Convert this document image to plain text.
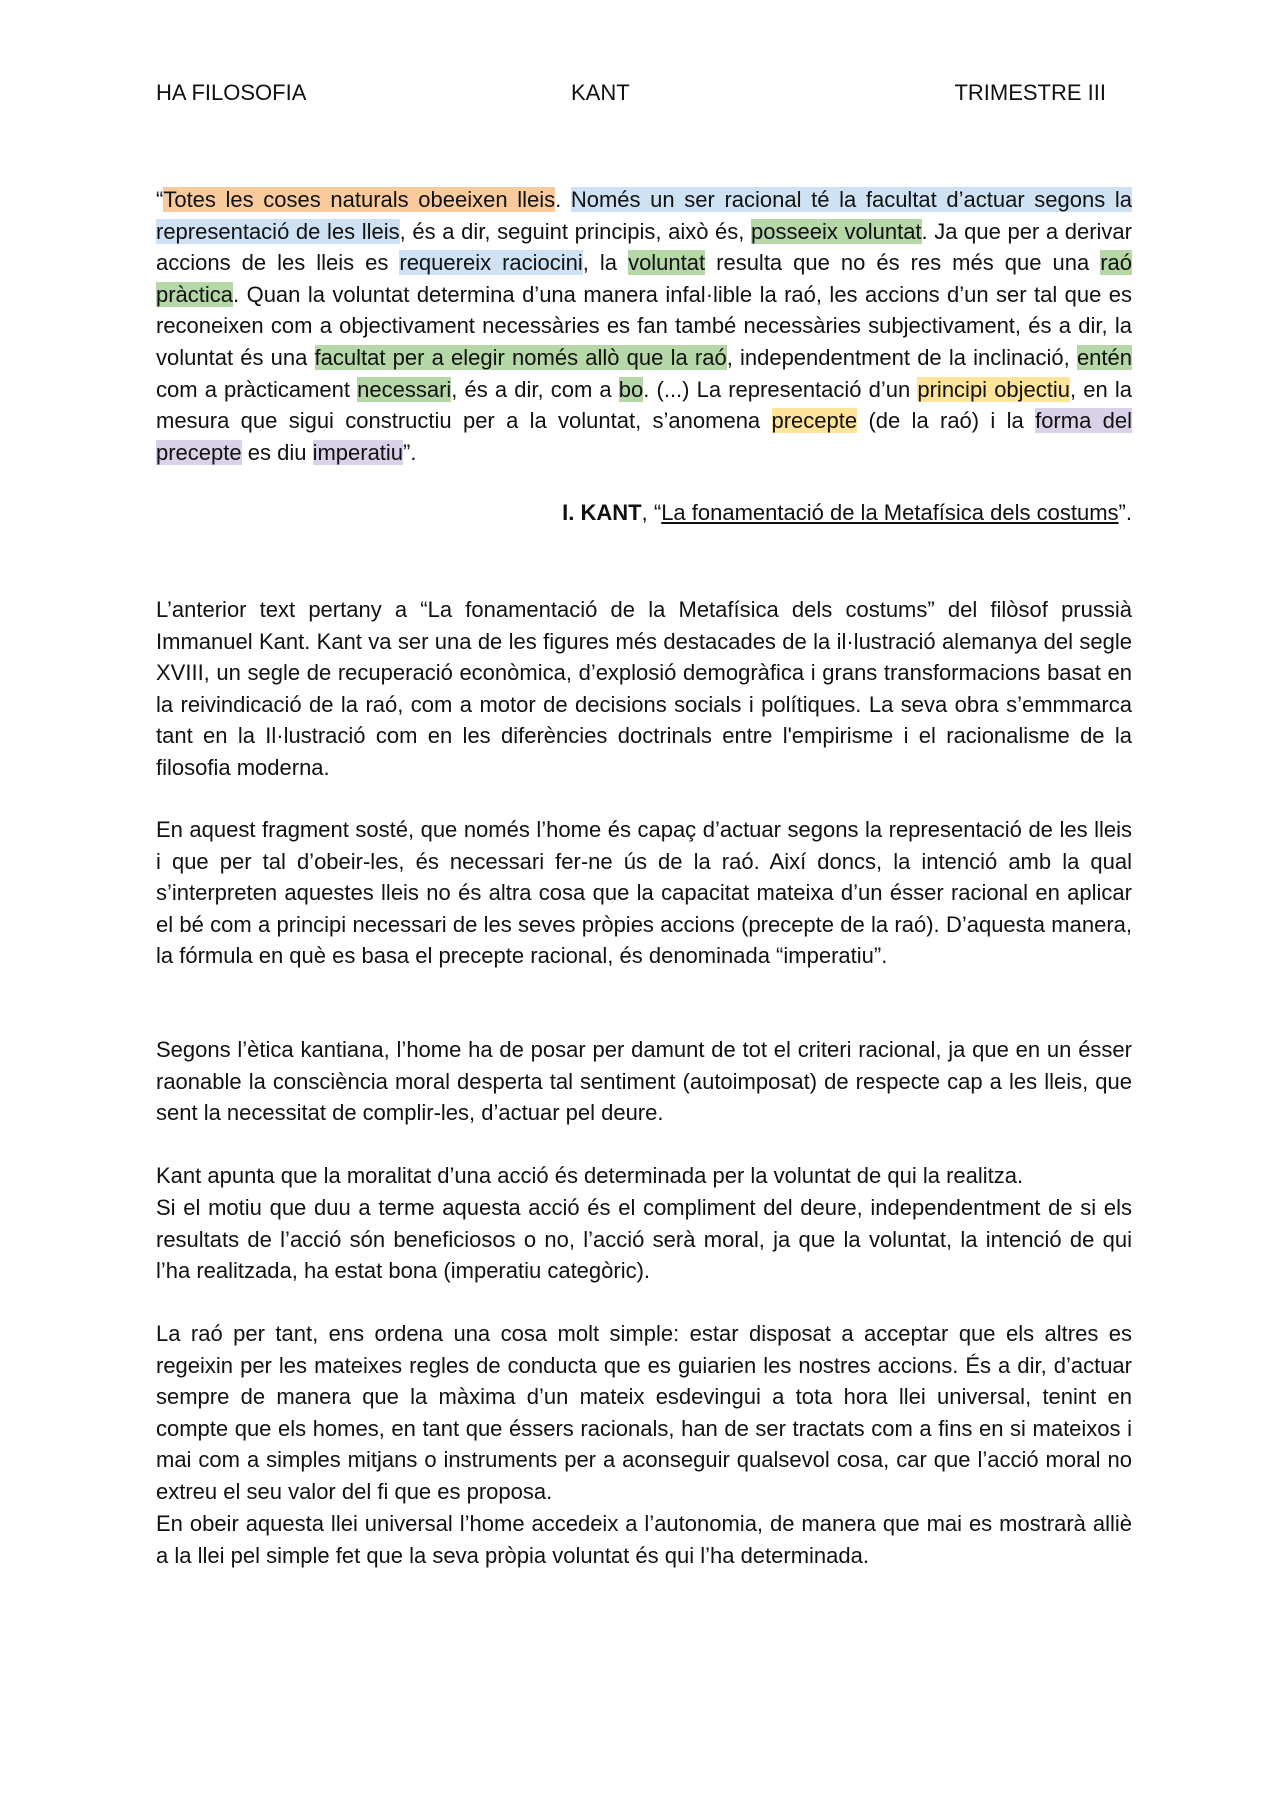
HA FILOSOFIA	KANT	TRIMESTRE III
“Totes les coses naturals obeeixen lleis. Només un ser racional té la facultat d’actuar segons la representació de les lleis, és a dir, seguint principis, això és, posseeix voluntat. Ja que per a derivar accions de les lleis es requereix raciocini, la voluntat resulta que no és res més que una raó pràctica. Quan la voluntat determina d’una manera infal·lible la raó, les accions d’un ser tal que es reconeixen com a objectivament necessàries es fan també necessàries subjectivament, és a dir, la voluntat és una facultat per a elegir només allò que la raó, independentment de la inclinació, entén com a pràcticament necessari, és a dir, com a bo. (...) La representació d’un principi objectiu, en la mesura que sigui constructiu per a la voluntat, s’anomena precepte (de la raó) i la forma del precepte es diu imperatiu”.
I. KANT, “La fonamentació de la Metafísica dels costums”.

L’anterior text pertany a “La fonamentació de la Metafísica dels costums” del filòsof prussià Immanuel Kant. Kant va ser una de les figures més destacades de la il·lustració alemanya del segle XVIII, un segle de recuperació econòmica, d’explosió demogràfica i grans transformacions basat en la reivindicació de la raó, com a motor de decisions socials i polítiques. La seva obra s’emmmarca tant en la Il·lustració com en les diferències doctrinals entre l'empirisme i el racionalisme de la filosofia moderna.

En aquest fragment sosté, que només l’home és capaç d’actuar segons la representació de les lleis i que per tal d’obeir-les, és necessari fer-ne ús de la raó. Així doncs, la intenció amb la qual s’interpreten aquestes lleis no és altra cosa que la capacitat mateixa d’un ésser racional en aplicar el bé com a principi necessari de les seves pròpies accions (precepte de la raó). D’aquesta manera, la fórmula en què es basa el precepte racional, és denominada “imperatiu”.

Segons l’ètica kantiana, l’home ha de posar per damunt de tot el criteri racional, ja que en un ésser raonable la consciència moral desperta tal sentiment (autoimposat) de respecte cap a les lleis, que sent la necessitat de complir-les, d’actuar pel deure.

Kant apunta que la moralitat d’una acció és determinada per la voluntat de qui la realitza.

Si el motiu que duu a terme aquesta acció és el compliment del deure, independentment de si els resultats de l’acció són beneficiosos o no, l’acció serà moral, ja que la voluntat, la intenció de qui l’ha realitzada, ha estat bona (imperatiu categòric).

La raó per tant, ens ordena una cosa molt simple: estar disposat a acceptar que els altres es regeixin per les mateixes regles de conducta que es guiarien les nostres accions. És a dir, d’actuar sempre de manera que la màxima d’un mateix esdevingui a tota hora llei universal, tenint en compte que els homes, en tant que éssers racionals, han de ser tractats com a fins en si mateixos i mai com a simples mitjans o instruments per a aconseguir qualsevol cosa, car que l’acció moral no extreu el seu valor del fi que es proposa.

En obeir aquesta llei universal l’home accedeix a l’autonomia, de manera que mai es mostrarà alliè a la llei pel simple fet que la seva pròpia voluntat és qui l’ha determinada.
